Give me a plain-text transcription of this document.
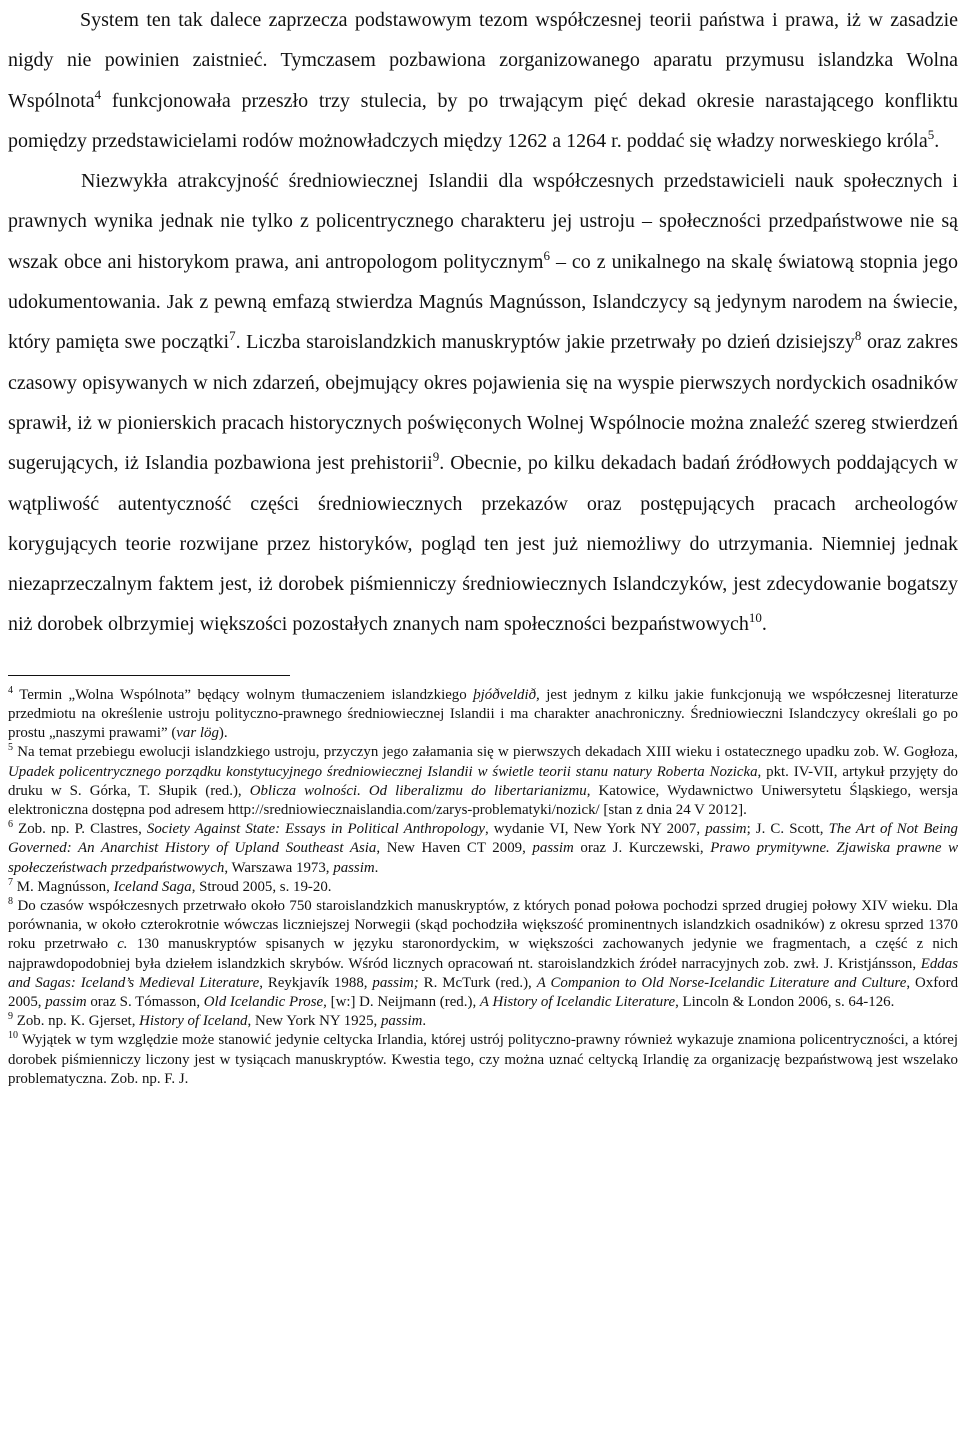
System ten tak dalece zaprzecza podstawowym tezom współczesnej teorii państwa i prawa, iż w zasadzie nigdy nie powinien zaistnieć. Tymczasem pozbawiona zorganizowanego aparatu przymusu islandzka Wolna Wspólnota$^4$ funkcjonowała przeszło trzy stulecia, by po trwającym pięć dekad okresie narastającego konfliktu pomiędzy przedstawicielami rodów możnowładczych między 1262 a 1264 r. poddać się władzy norweskiego króla$^5$.

Niezwykła atrakcyjność średniowiecznej Islandii dla współczesnych przedstawicieli nauk społecznych i prawnych wynika jednak nie tylko z policentrycznego charakteru jej ustroju – społeczności przedpaństwowe nie są wszak obce ani historykom prawa, ani antropologom politycznym$^6$ – co z unikalnego na skalę światową stopnia jego udokumentowania. Jak z pewną emfazą stwierdza Magnús Magnússon, Islandczycy są jedynym narodem na świecie, który pamięta swe początki$^7$. Liczba staroislandzkich manuskryptów jakie przetrwały po dzień dzisiejszy$^8$ oraz zakres czasowy opisywanych w nich zdarzeń, obejmujący okres pojawienia się na wyspie pierwszych nordyckich osadników sprawił, iż w pionierskich pracach historycznych poświęconych Wolnej Wspólnocie można znaleźć szereg stwierdzeń sugerujących, iż Islandia pozbawiona jest prehistorii$^9$. Obecnie, po kilku dekadach badań źródłowych poddających w wątpliwość autentyczność części średniowiecznych przekazów oraz postępujących pracach archeologów korygujących teorie rozwijane przez historyków, pogląd ten jest już niemożliwy do utrzymania. Niemniej jednak niezaprzeczalnym faktem jest, iż dorobek piśmienniczy średniowiecznych Islandczyków, jest zdecydowanie bogatszy niż dorobek olbrzymiej większości pozostałych znanych nam społeczności bezpaństwowych$^{10}$.

$^4$ Termin „Wolna Wspólnota” będący wolnym tłumaczeniem islandzkiego þjóðveldið, jest jednym z kilku jakie funkcjonują we współczesnej literaturze przedmiotu na określenie ustroju polityczno-prawnego średniowiecznej Islandii i ma charakter anachroniczny. Średniowieczni Islandczycy określali go po prostu „naszymi prawami” (var lög).

$^5$ Na temat przebiegu ewolucji islandzkiego ustroju, przyczyn jego załamania się w pierwszych dekadach XIII wieku i ostatecznego upadku zob. W. Gogłoza, Upadek policentrycznego porządku konstytucyjnego średniowiecznej Islandii w świetle teorii stanu natury Roberta Nozicka, pkt. IV-VII, artykuł przyjęty do druku w S. Górka, T. Słupik (red.), Oblicza wolności. Od liberalizmu do libertarianizmu, Katowice, Wydawnictwo Uniwersytetu Śląskiego, wersja elektroniczna dostępna pod adresem http://sredniowiecznaislandia.com/zarys-problematyki/nozick/ [stan z dnia 24 V 2012].

$^6$ Zob. np. P. Clastres, Society Against State: Essays in Political Anthropology, wydanie VI, New York NY 2007, passim; J. C. Scott, The Art of Not Being Governed: An Anarchist History of Upland Southeast Asia, New Haven CT 2009, passim oraz J. Kurczewski, Prawo prymitywne. Zjawiska prawne w społeczeństwach przedpaństwowych, Warszawa 1973, passim.

$^7$ M. Magnússon, Iceland Saga, Stroud 2005, s. 19-20.

$^8$ Do czasów współczesnych przetrwało około 750 staroislandzkich manuskryptów, z których ponad połowa pochodzi sprzed drugiej połowy XIV wieku. Dla porównania, w około czterokrotnie wówczas liczniejszej Norwegii (skąd pochodziła większość prominentnych islandzkich osadników) z okresu sprzed 1370 roku przetrwało c. 130 manuskryptów spisanych w języku staronordyckim, w większości zachowanych jedynie we fragmentach, a część z nich najprawdopodobniej była dziełem islandzkich skrybów. Wśród licznych opracowań nt. staroislandzkich źródeł narracyjnych zob. zwł. J. Kristjánsson, Eddas and Sagas: Iceland’s Medieval Literature, Reykjavík 1988, passim; R. McTurk (red.), A Companion to Old Norse-Icelandic Literature and Culture, Oxford 2005, passim oraz S. Tómasson, Old Icelandic Prose, [w:] D. Neijmann (red.), A History of Icelandic Literature, Lincoln & London 2006, s. 64-126.

$^9$ Zob. np. K. Gjerset, History of Iceland, New York NY 1925, passim.

$^{10}$ Wyjątek w tym względzie może stanowić jedynie celtycka Irlandia, której ustrój polityczno-prawny również wykazuje znamiona policentryczności, a której dorobek piśmienniczy liczony jest w tysiącach manuskryptów. Kwestia tego, czy można uznać celtycką Irlandię za organizację bezpaństwową jest wszelako problematyczna. Zob. np. F. J.
